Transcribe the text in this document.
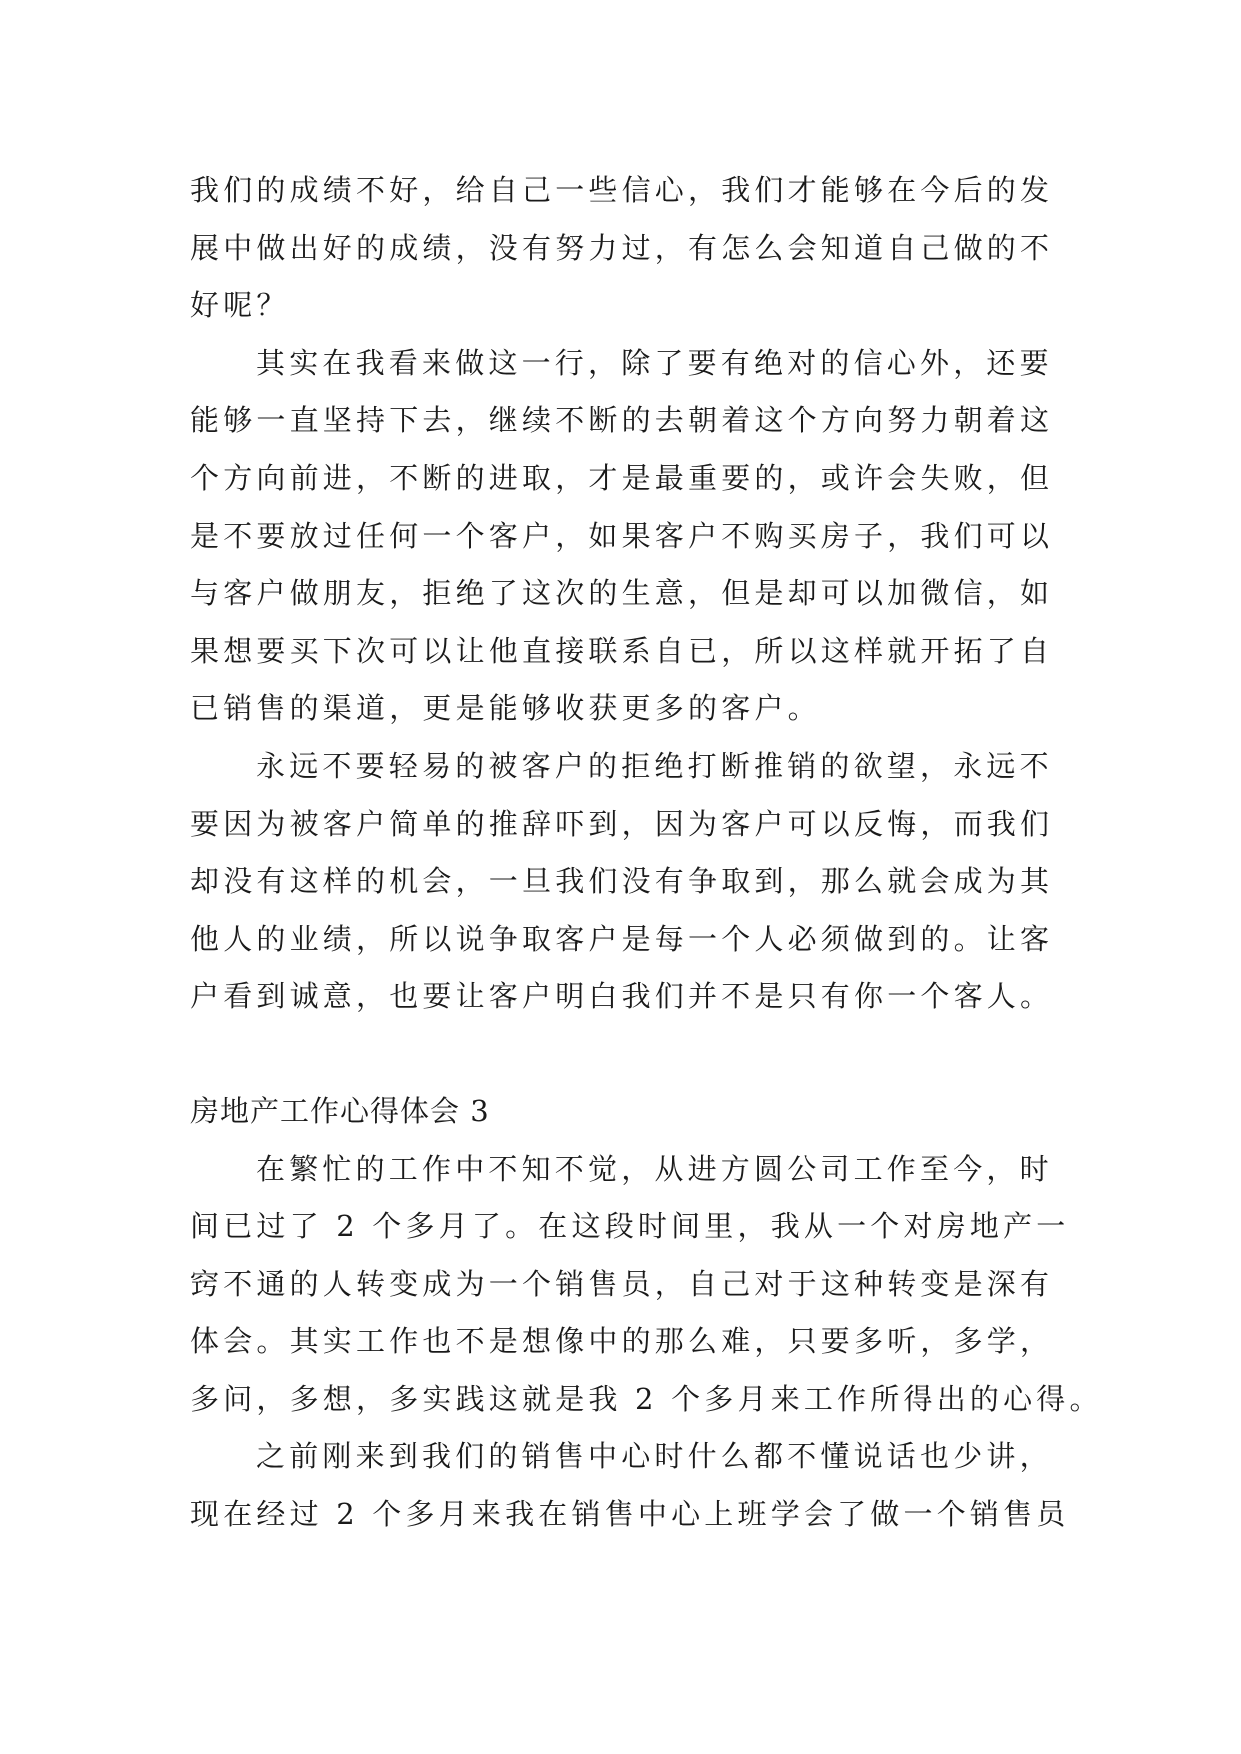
我们的成绩不好，给自己一些信心，我们才能够在今后的发
展中做出好的成绩，没有努力过，有怎么会知道自己做的不
好呢？
其实在我看来做这一行，除了要有绝对的信心外，还要
能够一直坚持下去，继续不断的去朝着这个方向努力朝着这
个方向前进，不断的进取，才是最重要的，或许会失败，但
是不要放过任何一个客户，如果客户不购买房子，我们可以
与客户做朋友，拒绝了这次的生意，但是却可以加微信，如
果想要买下次可以让他直接联系自已，所以这样就开拓了自
已销售的渠道，更是能够收获更多的客户。
永远不要轻易的被客户的拒绝打断推销的欲望，永远不
要因为被客户简单的推辞吓到，因为客户可以反悔，而我们
却没有这样的机会，一旦我们没有争取到，那么就会成为其
他人的业绩，所以说争取客户是每一个人必须做到的。让客
户看到诚意，也要让客户明白我们并不是只有你一个客人。
房地产工作心得体会 3
在繁忙的工作中不知不觉，从进方圆公司工作至今，时
间已过了 2 个多月了。在这段时间里，我从一个对房地产一
窍不通的人转变成为一个销售员，自己对于这种转变是深有
体会。其实工作也不是想像中的那么难，只要多听，多学，
多问，多想，多实践这就是我 2 个多月来工作所得出的心得。
之前刚来到我们的销售中心时什么都不懂说话也少讲，
现在经过 2 个多月来我在销售中心上班学会了做一个销售员
